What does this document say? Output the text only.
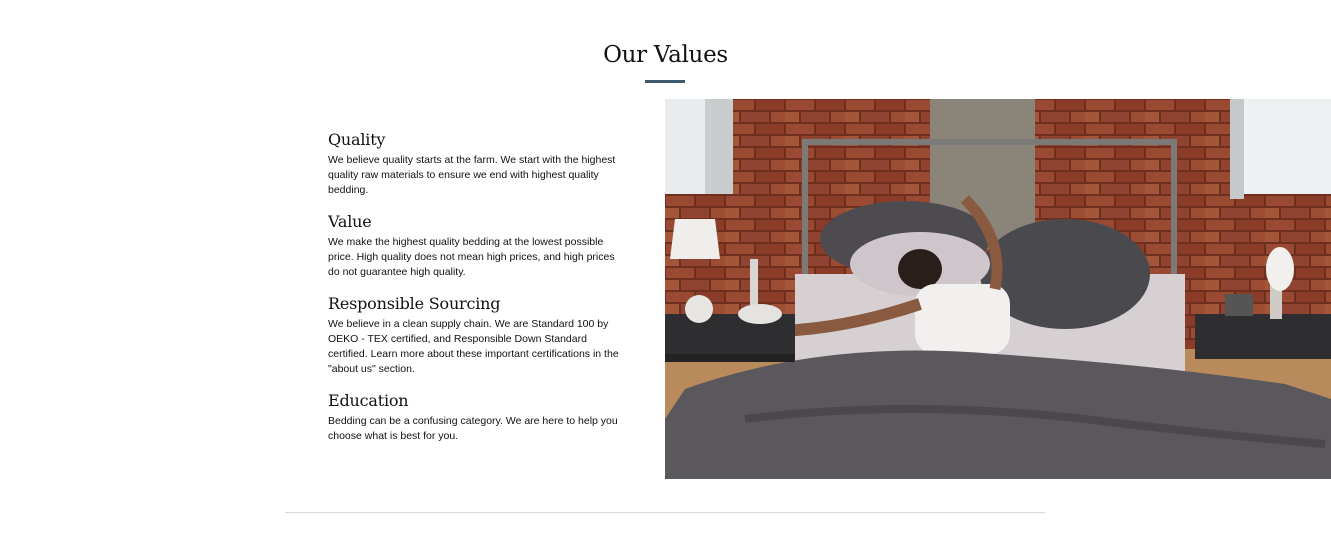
Our Values
Quality

We believe quality starts at the farm. We start with the highest quality raw materials to ensure we end with highest quality bedding.

Value

We make the highest quality bedding at the lowest possible price. High quality does not mean high prices, and high prices do not guarantee high quality.

Responsible Sourcing

We believe in a clean supply chain. We are Standard 100 by OEKO - TEX certified, and Responsible Down Standard certified. Learn more about these important certifications in the "about us" section.

Education

Bedding can be a confusing category. We are here to help you choose what is best for you.
